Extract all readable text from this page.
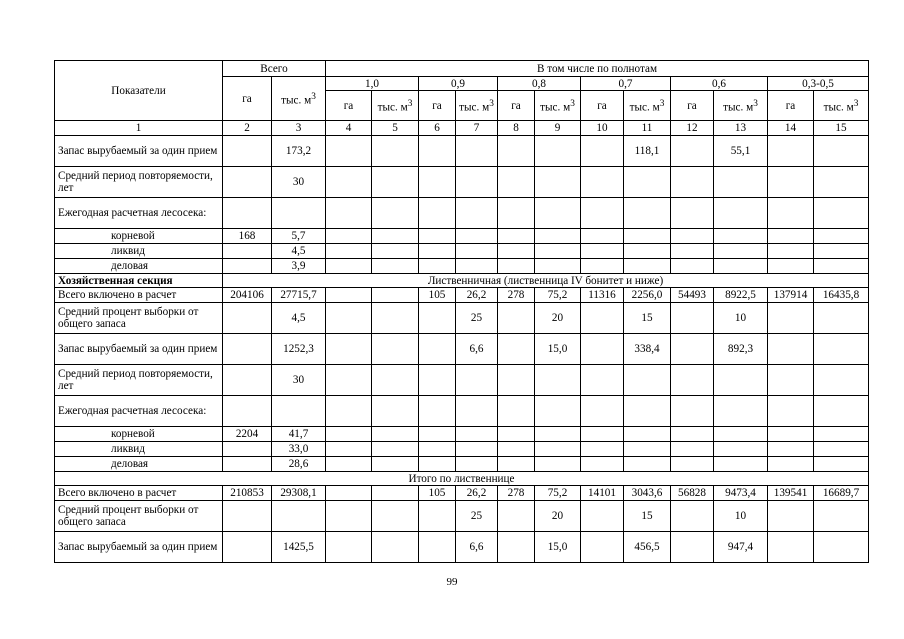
Показатели	Всего		В том числе по полнотам											
	га	тыс. $м^3$	1,0		0,9		0,8		0,7		0,6		0,3-0,5	
			га	тыс. $м^3$	га	тыс. $м^3$	га	тыс. $м^3$	га	тыс. $м^3$	га	тыс. $м^3$	га	тыс. $м^3$
1	2	3	4	5	6	7	8	9	10	11	12	13	14	15
Запас вырубаемый за один прием		173,2								118,1		55,1		
Средний период повторяемости, лет		30												
Ежегодная расчетная лесосека:														
корневой	168	5,7												
ликвид		4,5												
деловая		3,9												
Хозяйственная секция	Лиственничная (лиственница IV бонитет и ниже)													
Всего включено в расчет	204106	27715,7			105	26,2	278	75,2	11316	2256,0	54493	8922,5	137914	16435,8
Средний процент выборки от общего запаса		4,5				25		20		15		10		
Запас вырубаемый за один прием		1252,3				6,6		15,0		338,4		892,3		
Средний период повторяемости, лет		30												
Ежегодная расчетная лесосека:														
корневой	2204	41,7												
ликвид		33,0												
деловая		28,6												
Итого по лиственнице														
Всего включено в расчет	210853	29308,1			105	26,2	278	75,2	14101	3043,6	56828	9473,4	139541	16689,7
Средний процент выборки от общего запаса						25		20		15		10		
Запас вырубаемый за один прием		1425,5				6,6		15,0		456,5		947,4		
99
